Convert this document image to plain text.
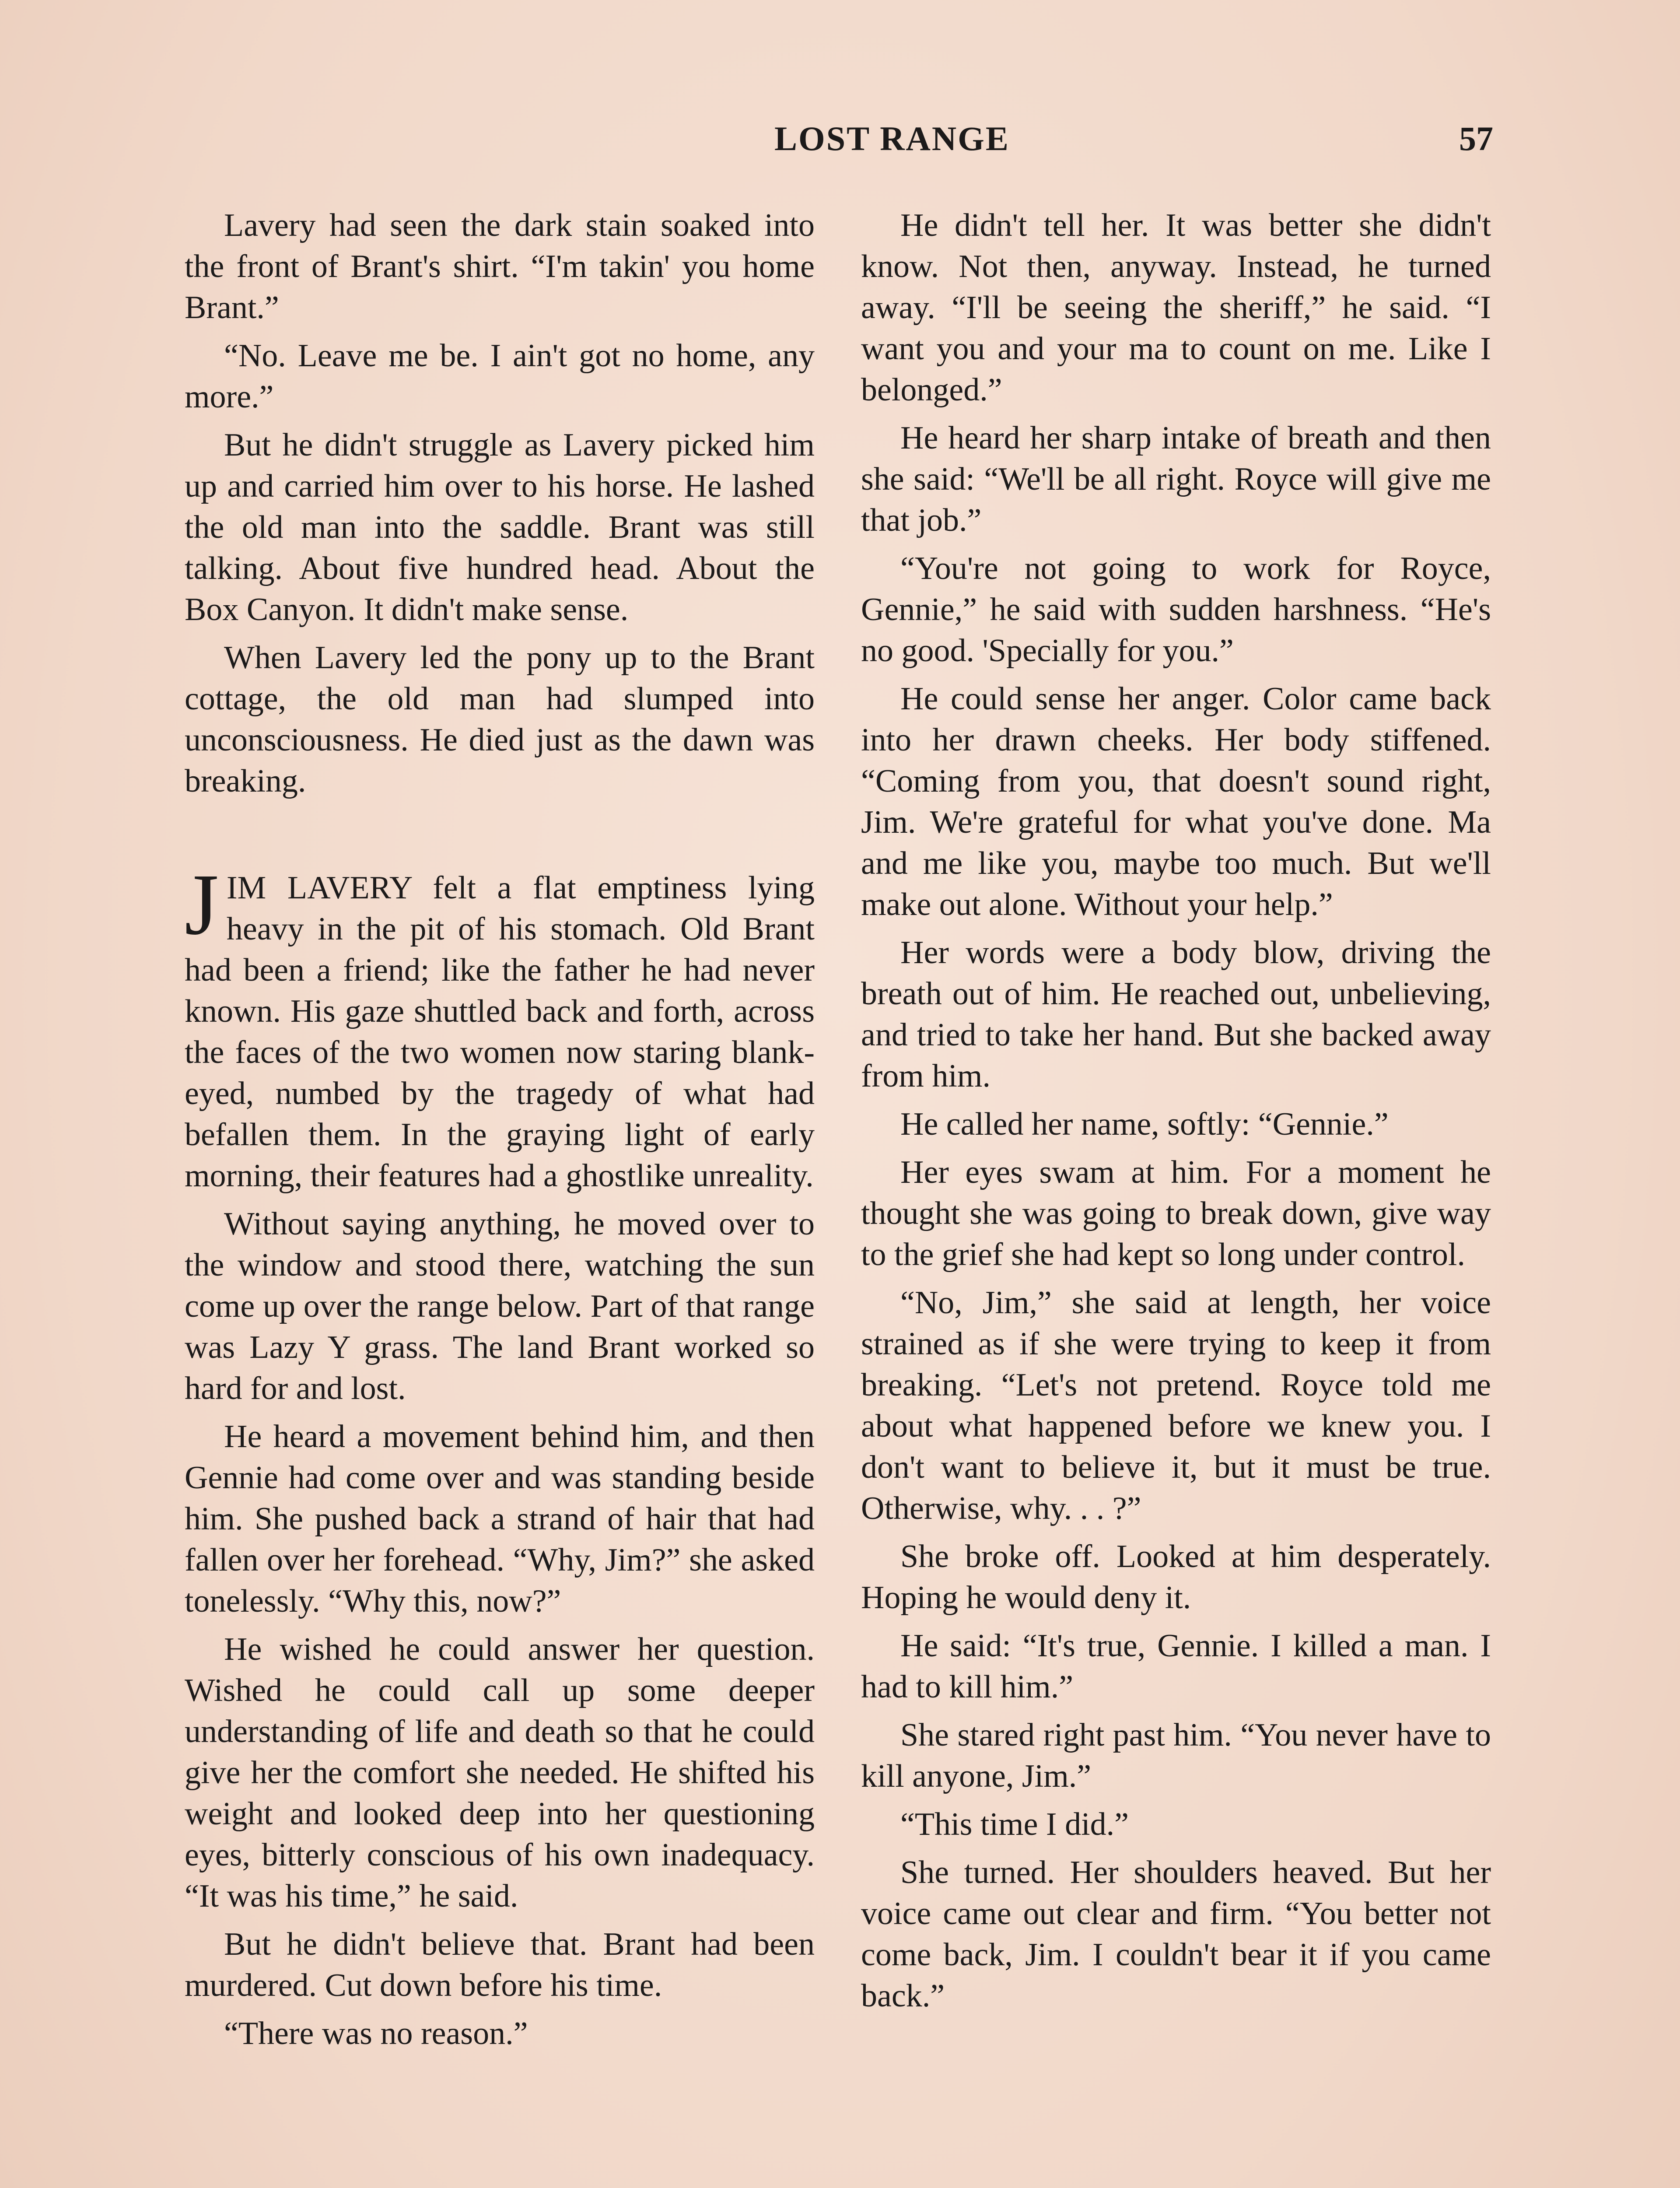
LOST RANGE	57

Lavery had seen the dark stain soaked into the front of Brant's shirt. “I'm takin' you home Brant.”

“No. Leave me be. I ain't got no home, any more.”

But he didn't struggle as Lavery picked him up and carried him over to his horse. He lashed the old man into the saddle. Brant was still talking. About five hundred head. About the Box Canyon. It didn't make sense.

When Lavery led the pony up to the Brant cottage, the old man had slumped into unconsciousness. He died just as the dawn was breaking.

JIM LAVERY felt a flat emptiness lying heavy in the pit of his stomach. Old Brant had been a friend; like the father he had never known. His gaze shuttled back and forth, across the faces of the two women now staring blank-eyed, numbed by the tragedy of what had befallen them. In the graying light of early morning, their features had a ghostlike unreality.

Without saying anything, he moved over to the window and stood there, watching the sun come up over the range below. Part of that range was Lazy Y grass. The land Brant worked so hard for and lost.

He heard a movement behind him, and then Gennie had come over and was standing beside him. She pushed back a strand of hair that had fallen over her forehead. “Why, Jim?” she asked tonelessly. “Why this, now?”

He wished he could answer her question. Wished he could call up some deeper understanding of life and death so that he could give her the comfort she needed. He shifted his weight and looked deep into her questioning eyes, bitterly conscious of his own inadequacy. “It was his time,” he said.

But he didn't believe that. Brant had been murdered. Cut down before his time.

“There was no reason.”

He didn't tell her. It was better she didn't know. Not then, anyway. Instead, he turned away. “I'll be seeing the sheriff,” he said. “I want you and your ma to count on me. Like I belonged.”

He heard her sharp intake of breath and then she said: “We'll be all right. Royce will give me that job.”

“You're not going to work for Royce, Gennie,” he said with sudden harshness. “He's no good. 'Specially for you.”

He could sense her anger. Color came back into her drawn cheeks. Her body stiffened. “Coming from you, that doesn't sound right, Jim. We're grateful for what you've done. Ma and me like you, maybe too much. But we'll make out alone. Without your help.”

Her words were a body blow, driving the breath out of him. He reached out, unbelieving, and tried to take her hand. But she backed away from him.

He called her name, softly: “Gennie.”

Her eyes swam at him. For a moment he thought she was going to break down, give way to the grief she had kept so long under control.

“No, Jim,” she said at length, her voice strained as if she were trying to keep it from breaking. “Let's not pretend. Royce told me about what happened before we knew you. I don't want to believe it, but it must be true. Otherwise, why. . . ?”

She broke off. Looked at him desperately. Hoping he would deny it.

He said: “It's true, Gennie. I killed a man. I had to kill him.”

She stared right past him. “You never have to kill anyone, Jim.”

“This time I did.”

She turned. Her shoulders heaved. But her voice came out clear and firm. “You better not come back, Jim. I couldn't bear it if you came back.”
